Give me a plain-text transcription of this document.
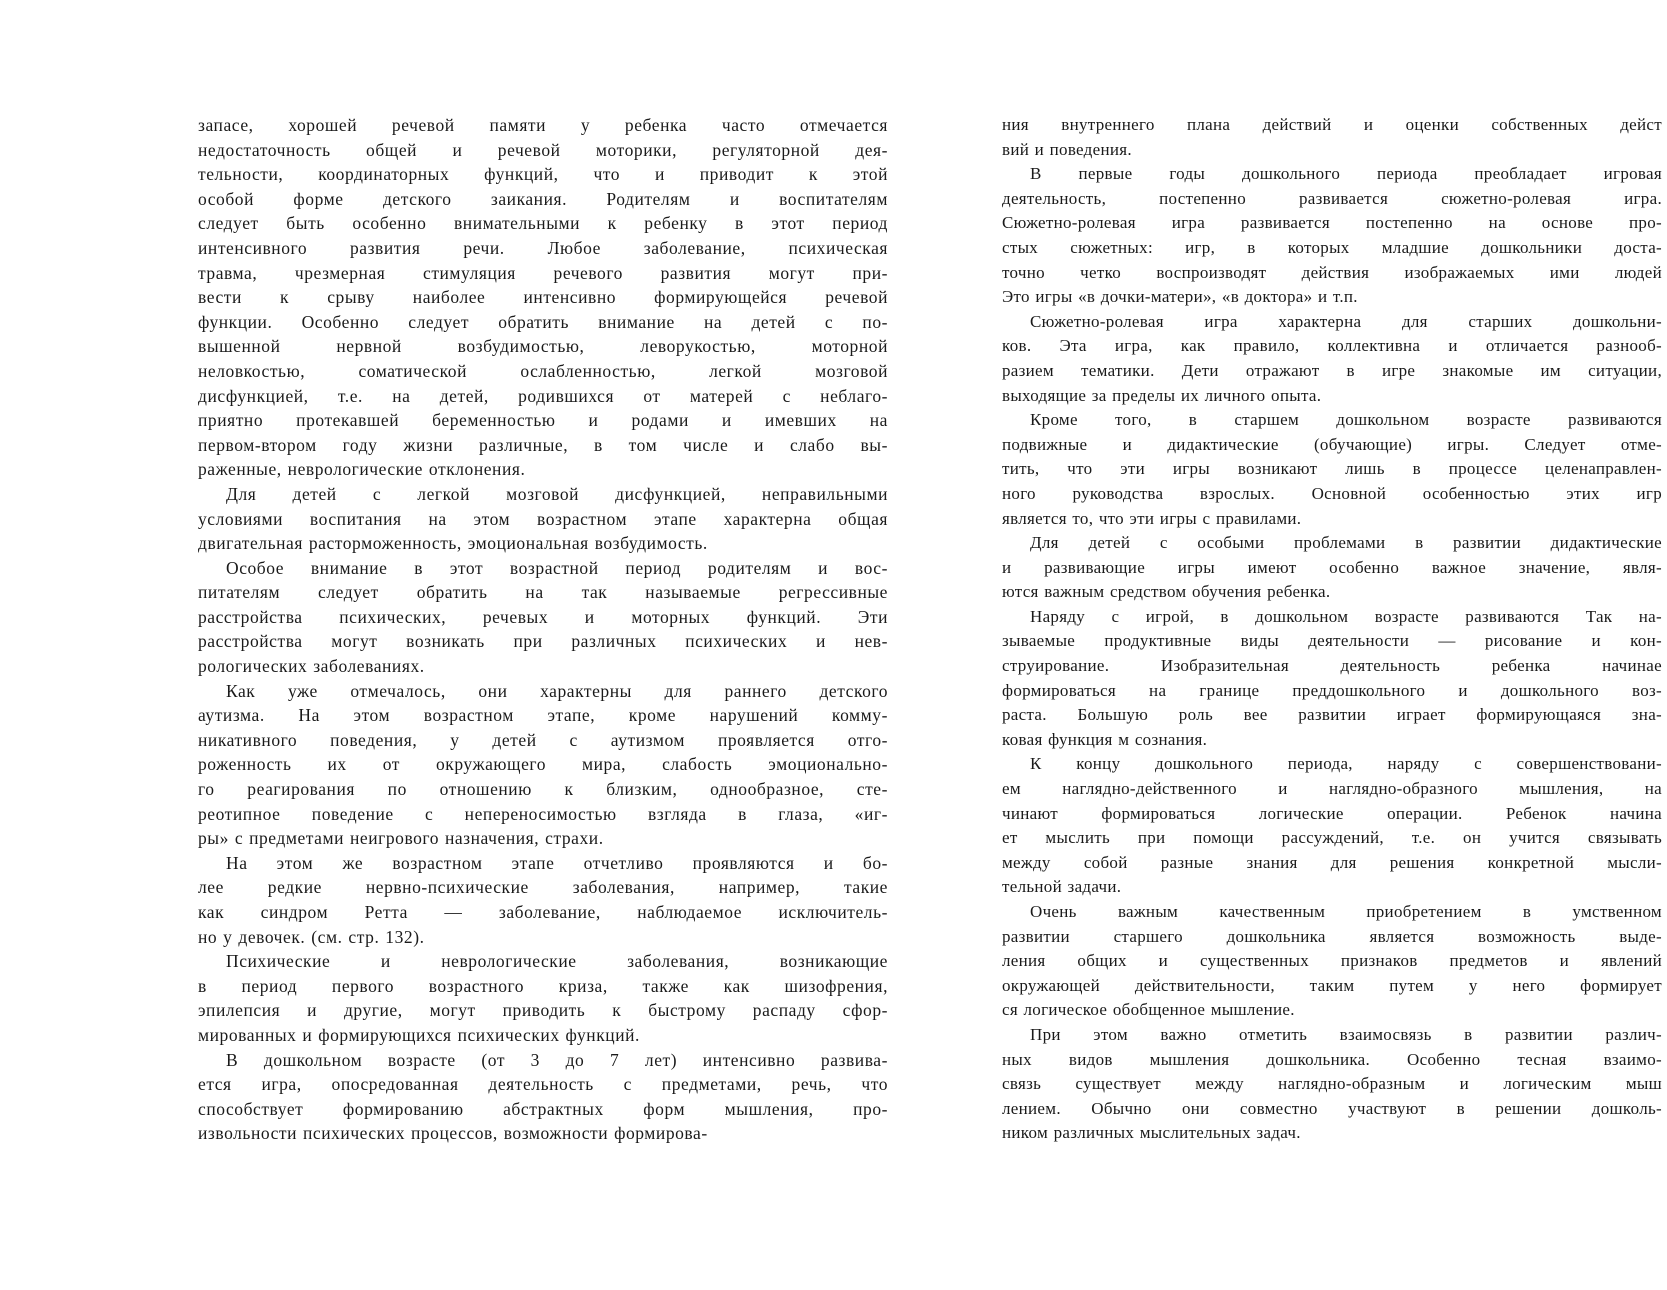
запасе, хорошей речевой памяти у ребенка часто отмечается
недостаточность общей и речевой моторики, регуляторной дея-
тельности, координаторных функций, что и приводит к этой
особой форме детского заикания. Родителям и воспитателям
следует быть особенно внимательными к ребенку в этот период
интенсивного развития речи. Любое заболевание, психическая
травма, чрезмерная стимуляция речевого развития могут при-
вести к срыву наиболее интенсивно формирующейся речевой
функции. Особенно следует обратить внимание на детей с по-
вышенной нервной возбудимостью, леворукостью, моторной
неловкостью, соматической ослабленностью, легкой мозговой
дисфункцией, т.е. на детей, родившихся от матерей с неблаго-
приятно протекавшей беременностью и родами и имевших на
первом-втором году жизни различные, в том числе и слабо вы-
раженные, неврологические отклонения.
Для детей с легкой мозговой дисфункцией, неправильными
условиями воспитания на этом возрастном этапе характерна общая
двигательная расторможенность, эмоциональная возбудимость.
Особое внимание в этот возрастной период родителям и вос-
питателям следует обратить на так называемые регрессивные
расстройства психических, речевых и моторных функций. Эти
расстройства могут возникать при различных психических и нев-
рологических заболеваниях.
Как уже отмечалось, они характерны для раннего детского
аутизма. На этом возрастном этапе, кроме нарушений комму-
никативного поведения, у детей с аутизмом проявляется отго-
роженность их от окружающего мира, слабость эмоционально-
го реагирования по отношению к близким, однообразное, сте-
реотипное поведение с непереносимостью взгляда в глаза, «иг-
ры» с предметами неигрового назначения, страхи.
На этом же возрастном этапе отчетливо проявляются и бо-
лее редкие нервно-психические заболевания, например, такие
как синдром Ретта — заболевание, наблюдаемое исключитель-
но у девочек. (см. стр. 132).
Психические и неврологические заболевания, возникающие
в период первого возрастного криза, также как шизофрения,
эпилепсия и другие, могут приводить к быстрому распаду сфор-
мированных и формирующихся психических функций.
В дошкольном возрасте (от 3 до 7 лет) интенсивно развива-
ется игра, опосредованная деятельность с предметами, речь, что
способствует формированию абстрактных форм мышления, про-
извольности психических процессов, возможности формирова-
ния внутреннего плана действий и оценки собственных дейст
вий и поведения.
В первые годы дошкольного периода преобладает игровая
деятельность, постепенно развивается сюжетно-ролевая игра.
Сюжетно-ролевая игра развивается постепенно на основе про-
стых сюжетных: игр, в которых младшие дошкольники доста-
точно четко воспроизводят действия изображаемых ими людей
Это игры «в дочки-матери», «в доктора» и т.п.
Сюжетно-ролевая игра характерна для старших дошкольни-
ков. Эта игра, как правило, коллективна и отличается разнооб-
разием тематики. Дети отражают в игре знакомые им ситуации,
выходящие за пределы их личного опыта.
Кроме того, в старшем дошкольном возрасте развиваются
подвижные и дидактические (обучающие) игры. Следует отме-
тить, что эти игры возникают лишь в процессе целенаправлен-
ного руководства взрослых. Основной особенностью этих игр
является то, что эти игры с правилами.
Для детей с особыми проблемами в развитии дидактические
и развивающие игры имеют особенно важное значение, явля-
ются важным средством обучения ребенка.
Наряду с игрой, в дошкольном возрасте развиваются Так на-
зываемые продуктивные виды деятельности — рисование и кон-
струирование. Изобразительная деятельность ребенка начинае
формироваться на границе преддошкольного и дошкольного воз-
раста. Большую роль вее развитии играет формирующаяся зна-
ковая функция м сознания.
К концу дошкольного периода, наряду с совершенствовани-
ем наглядно-действенного и наглядно-образного мышления, на
чинают формироваться логические операции. Ребенок начина
ет мыслить при помощи рассуждений, т.е. он учится связывать
между собой разные знания для решения конкретной мысли-
тельной задачи.
Очень важным качественным приобретением в умственном
развитии старшего дошкольника является возможность выде-
ления общих и существенных признаков предметов и явлений
окружающей действительности, таким путем у него формирует
ся логическое обобщенное мышление.
При этом важно отметить взаимосвязь в развитии различ-
ных видов мышления дошкольника. Особенно тесная взаимо-
связь существует между наглядно-образным и логическим мыш
лением. Обычно они совместно участвуют в решении дошколь-
ником различных мыслительных задач.
